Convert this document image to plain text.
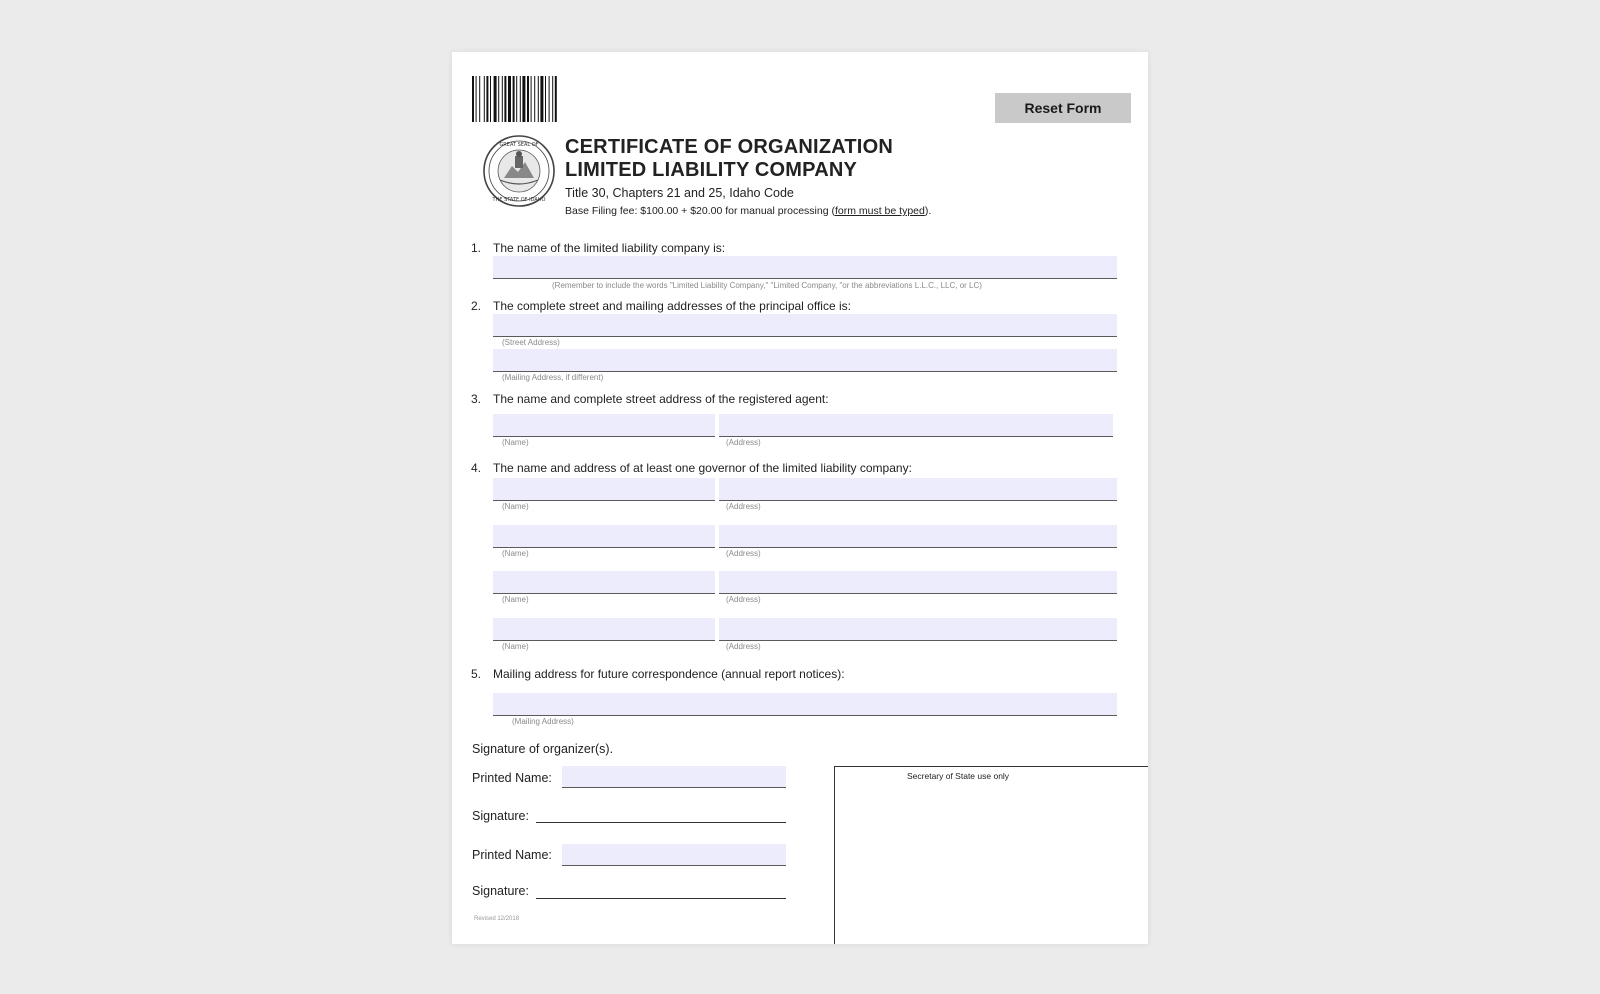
Reset Form
GREAT SEAL OF
THE STATE OF IDAHO
CERTIFICATE OF ORGANIZATION
LIMITED LIABILITY COMPANY
Title 30, Chapters 21 and 25, Idaho Code
Base Filing fee: $100.00 + $20.00 for manual processing (form must be typed).
1. The name of the limited liability company is:
(Remember to include the words "Limited Liability Company," "Limited Company, "or the abbreviations L.L.C., LLC, or LC)
2. The complete street and mailing addresses of the principal office is:
(Street Address)
(Mailing Address, if different)
3. The name and complete street address of the registered agent:
(Name)	(Address)
4. The name and address of at least one governor of the limited liability company:
(Name)	(Address)
(Name)	(Address)
(Name)	(Address)
(Name)	(Address)
5. Mailing address for future correspondence (annual report notices):
(Mailing Address)
Signature of organizer(s).
Printed Name:
Signature:
Printed Name:
Signature:
Revised 12/2018
Secretary of State use only
